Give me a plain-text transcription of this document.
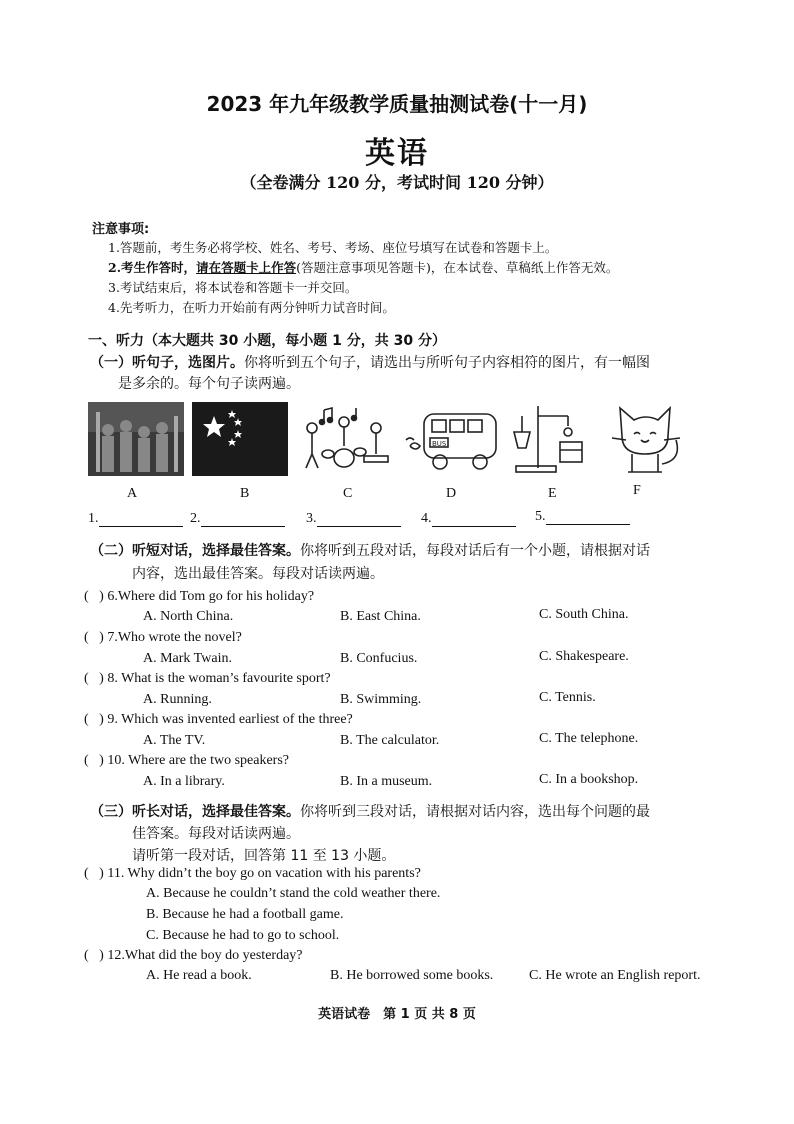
2023 年九年级教学质量抽测试卷(十一月)
英语
（全卷满分 120 分，考试时间 120 分钟）
注意事项:
1.答题前，考生务必将学校、姓名、考号、考场、座位号填写在试卷和答题卡上。
2.考生作答时，请在答题卡上作答(答题注意事项见答题卡)，在本试卷、草稿纸上作答无效。
3.考试结束后，将本试卷和答题卡一并交回。
4.先考听力，在听力开始前有两分钟听力试音时间。
一、听力（本大题共 30 小题，每小题 1 分，共 30 分）
（一）听句子，选图片。你将听到五个句子，请选出与所听句子内容相符的图片，有一幅图
是多余的。每个句子读两遍。
BUS
A	B	C	D	E	F
1.	2.	3.	4.	5.
（二）听短对话，选择最佳答案。你将听到五段对话，每段对话后有一个小题，请根据对话
内容，选出最佳答案。每段对话读两遍。
(   ) 6.Where did Tom go for his holiday?
A. North China.	B. East China.	C. South China.
(   ) 7.Who wrote the novel?
A. Mark Twain.	B. Confucius.	C. Shakespeare.
(   ) 8. What is the woman’s favourite sport?
A. Running.	B. Swimming.	C. Tennis.
(   ) 9. Which was invented earliest of the three?
A. The TV.	B. The calculator.	C. The telephone.
(   ) 10. Where are the two speakers?
A. In a library.	B. In a museum.	C. In a bookshop.
（三）听长对话，选择最佳答案。你将听到三段对话，请根据对话内容，选出每个问题的最
佳答案。每段对话读两遍。
请听第一段对话，回答第 11 至 13 小题。
(   ) 11. Why didn’t the boy go on vacation with his parents?
A. Because he couldn’t stand the cold weather there.
B. Because he had a football game.
C. Because he had to go to school.
(   ) 12.What did the boy do yesterday?
A. He read a book.	B. He borrowed some books.	C. He wrote an English report.
英语试卷　第 1 页 共 8 页
